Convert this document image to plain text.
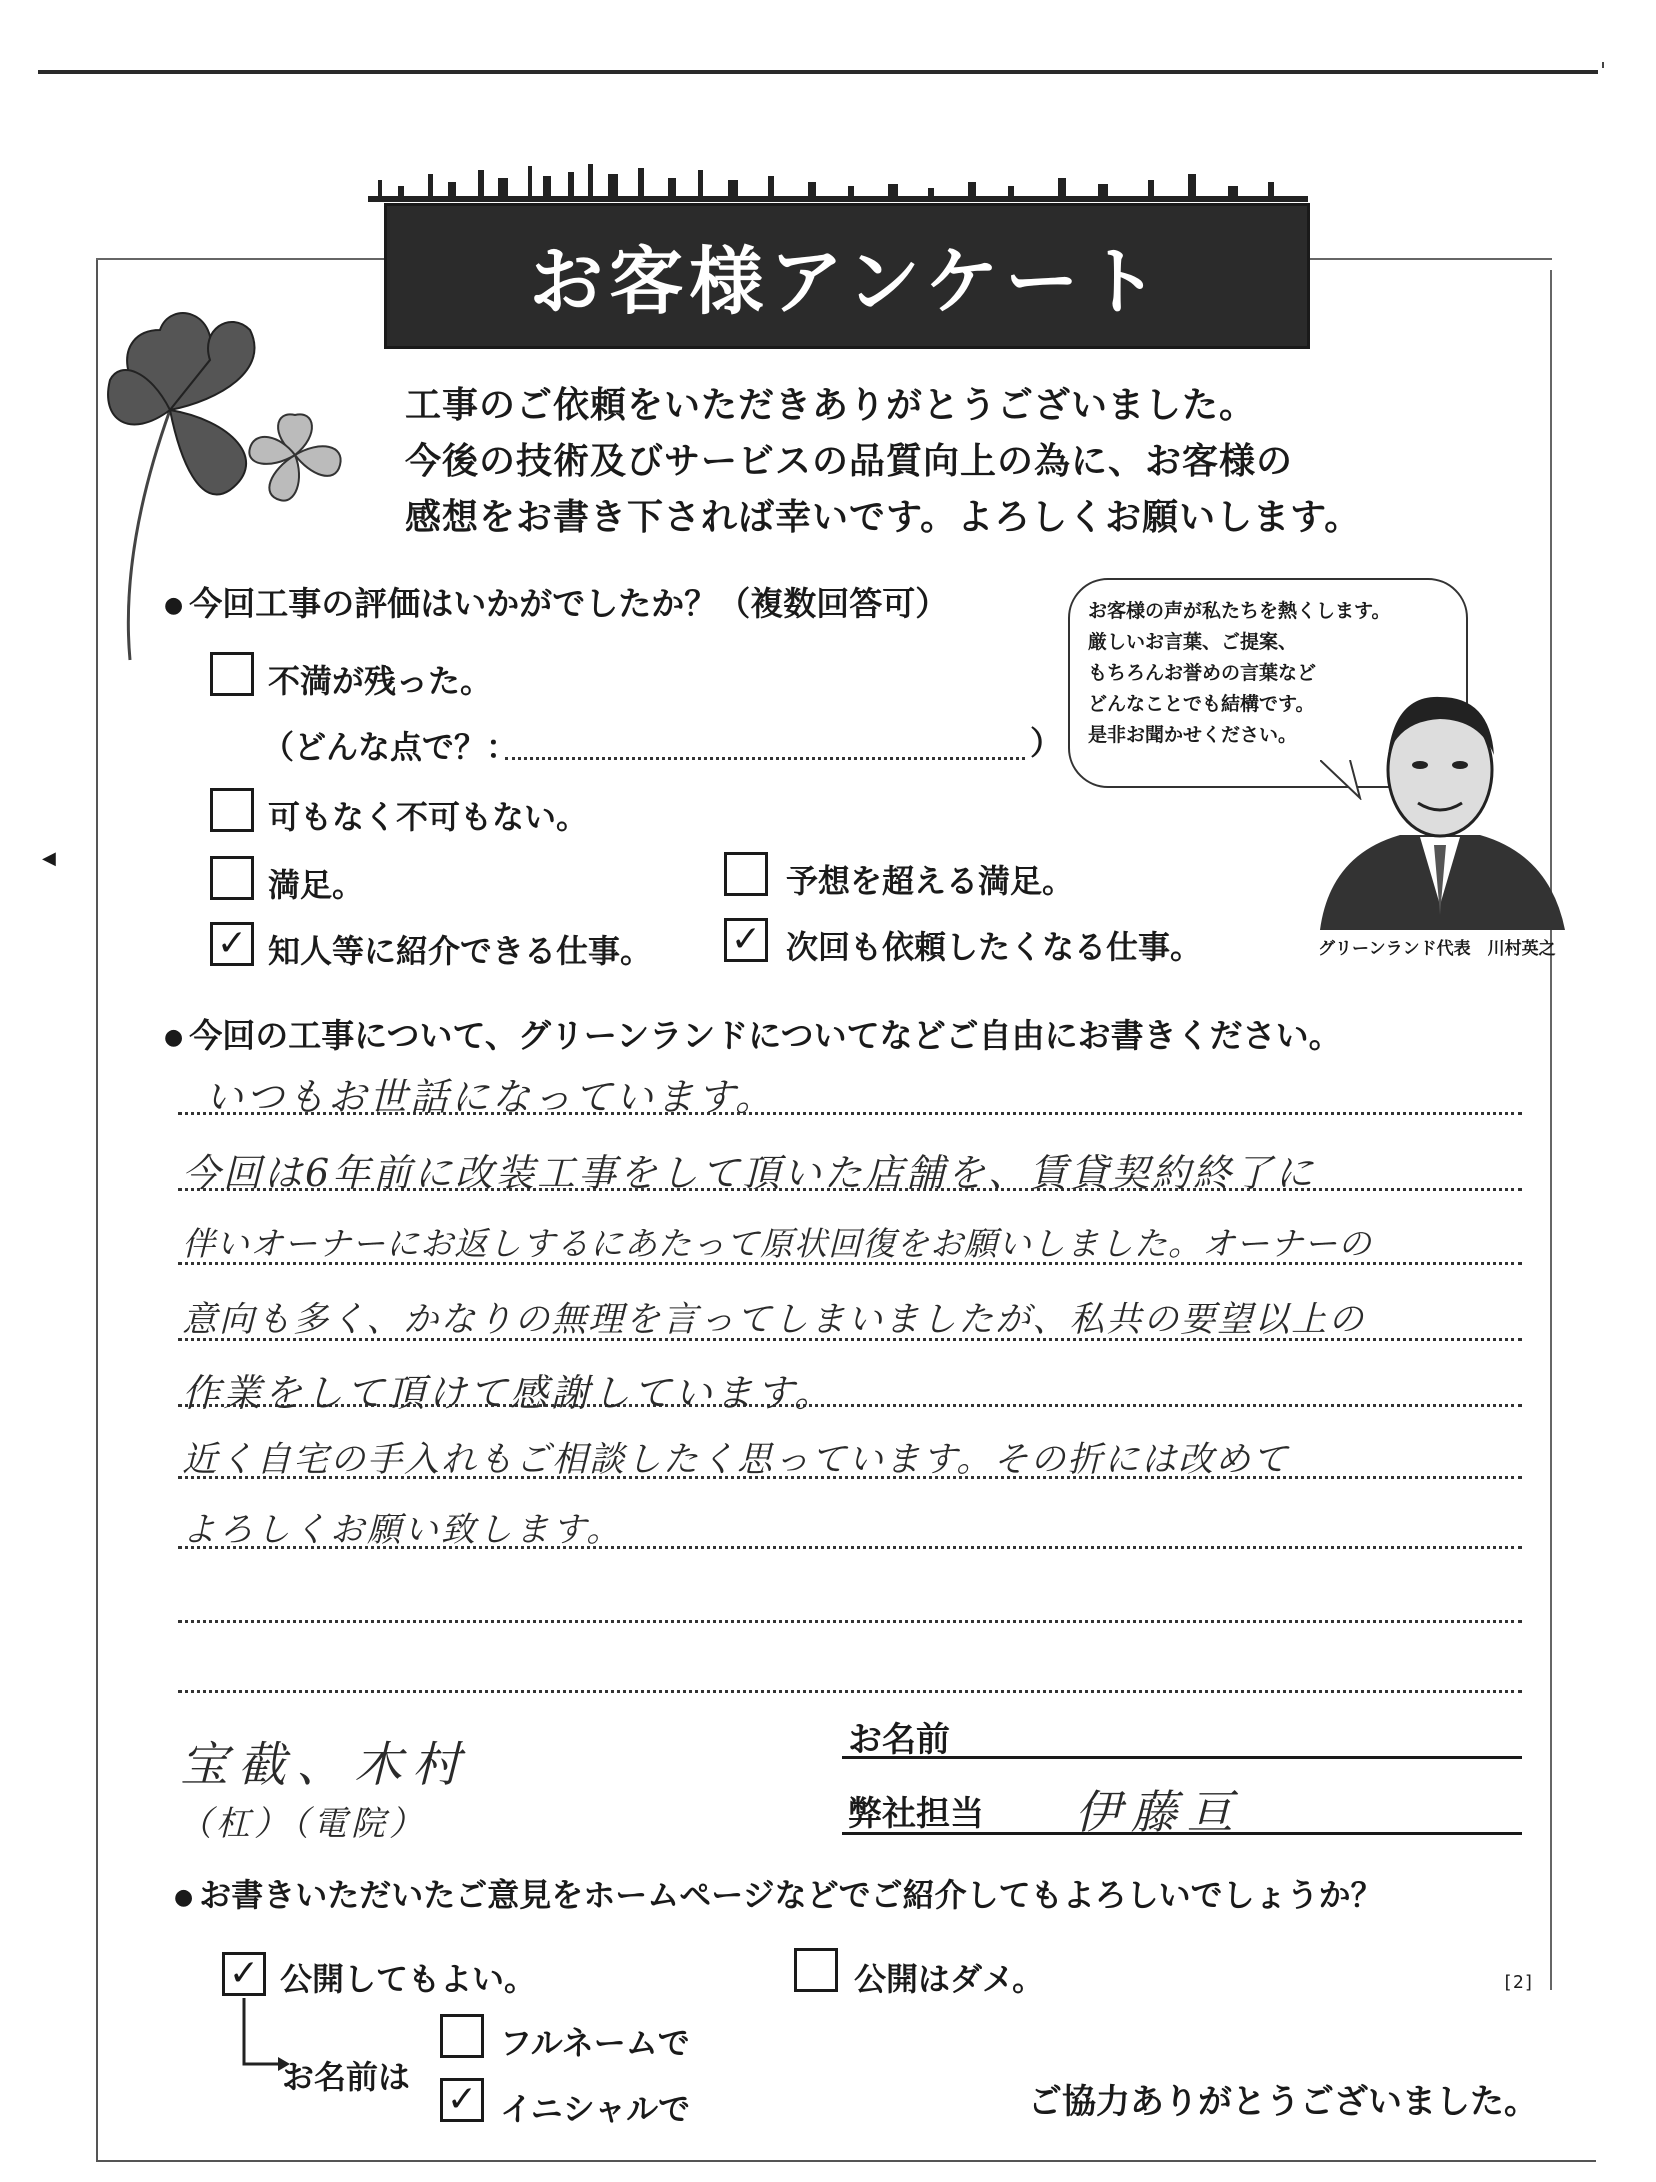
◀
お客様アンケート
工事のご依頼をいただきありがとうございました。
今後の技術及びサービスの品質向上の為に、お客様の
感想をお書き下されば幸いです。よろしくお願いします。
● 今回工事の評価はいかがでしたか？（複数回答可）
不満が残った。
（どんな点で？：	）
可もなく不可もない。
満足。	予想を超える満足。
✓ 知人等に紹介できる仕事。 ✓ 次回も依頼したくなる仕事。
お客様の声が私たちを熱くします。
厳しいお言葉、ご提案、
もちろんお誉めの言葉など
どんなことでも結構です。
是非お聞かせください。
グリーンランド代表　川村英之
● 今回の工事について、グリーンランドについてなどご自由にお書きください。
いつもお世話になっています。
今回は6年前に改装工事をして頂いた店舗を、賃貸契約終了に
伴いオーナーにお返しするにあたって原状回復をお願いしました。オーナーの
意向も多く、かなりの無理を言ってしまいましたが、私共の要望以上の
作業をして頂けて感謝しています。
近く自宅の手入れもご相談したく思っています。その折には改めて
よろしくお願い致します。
宝截、木村
（杠）（電院）
お名前
弊社担当 伊藤亘
● お書きいただいたご意見をホームページなどでご紹介してもよろしいでしょうか？
✓ 公開してもよい。	公開はダメ。
お名前は
フルネームで
✓ イニシャルで
[2]
ご協力ありがとうございました。
